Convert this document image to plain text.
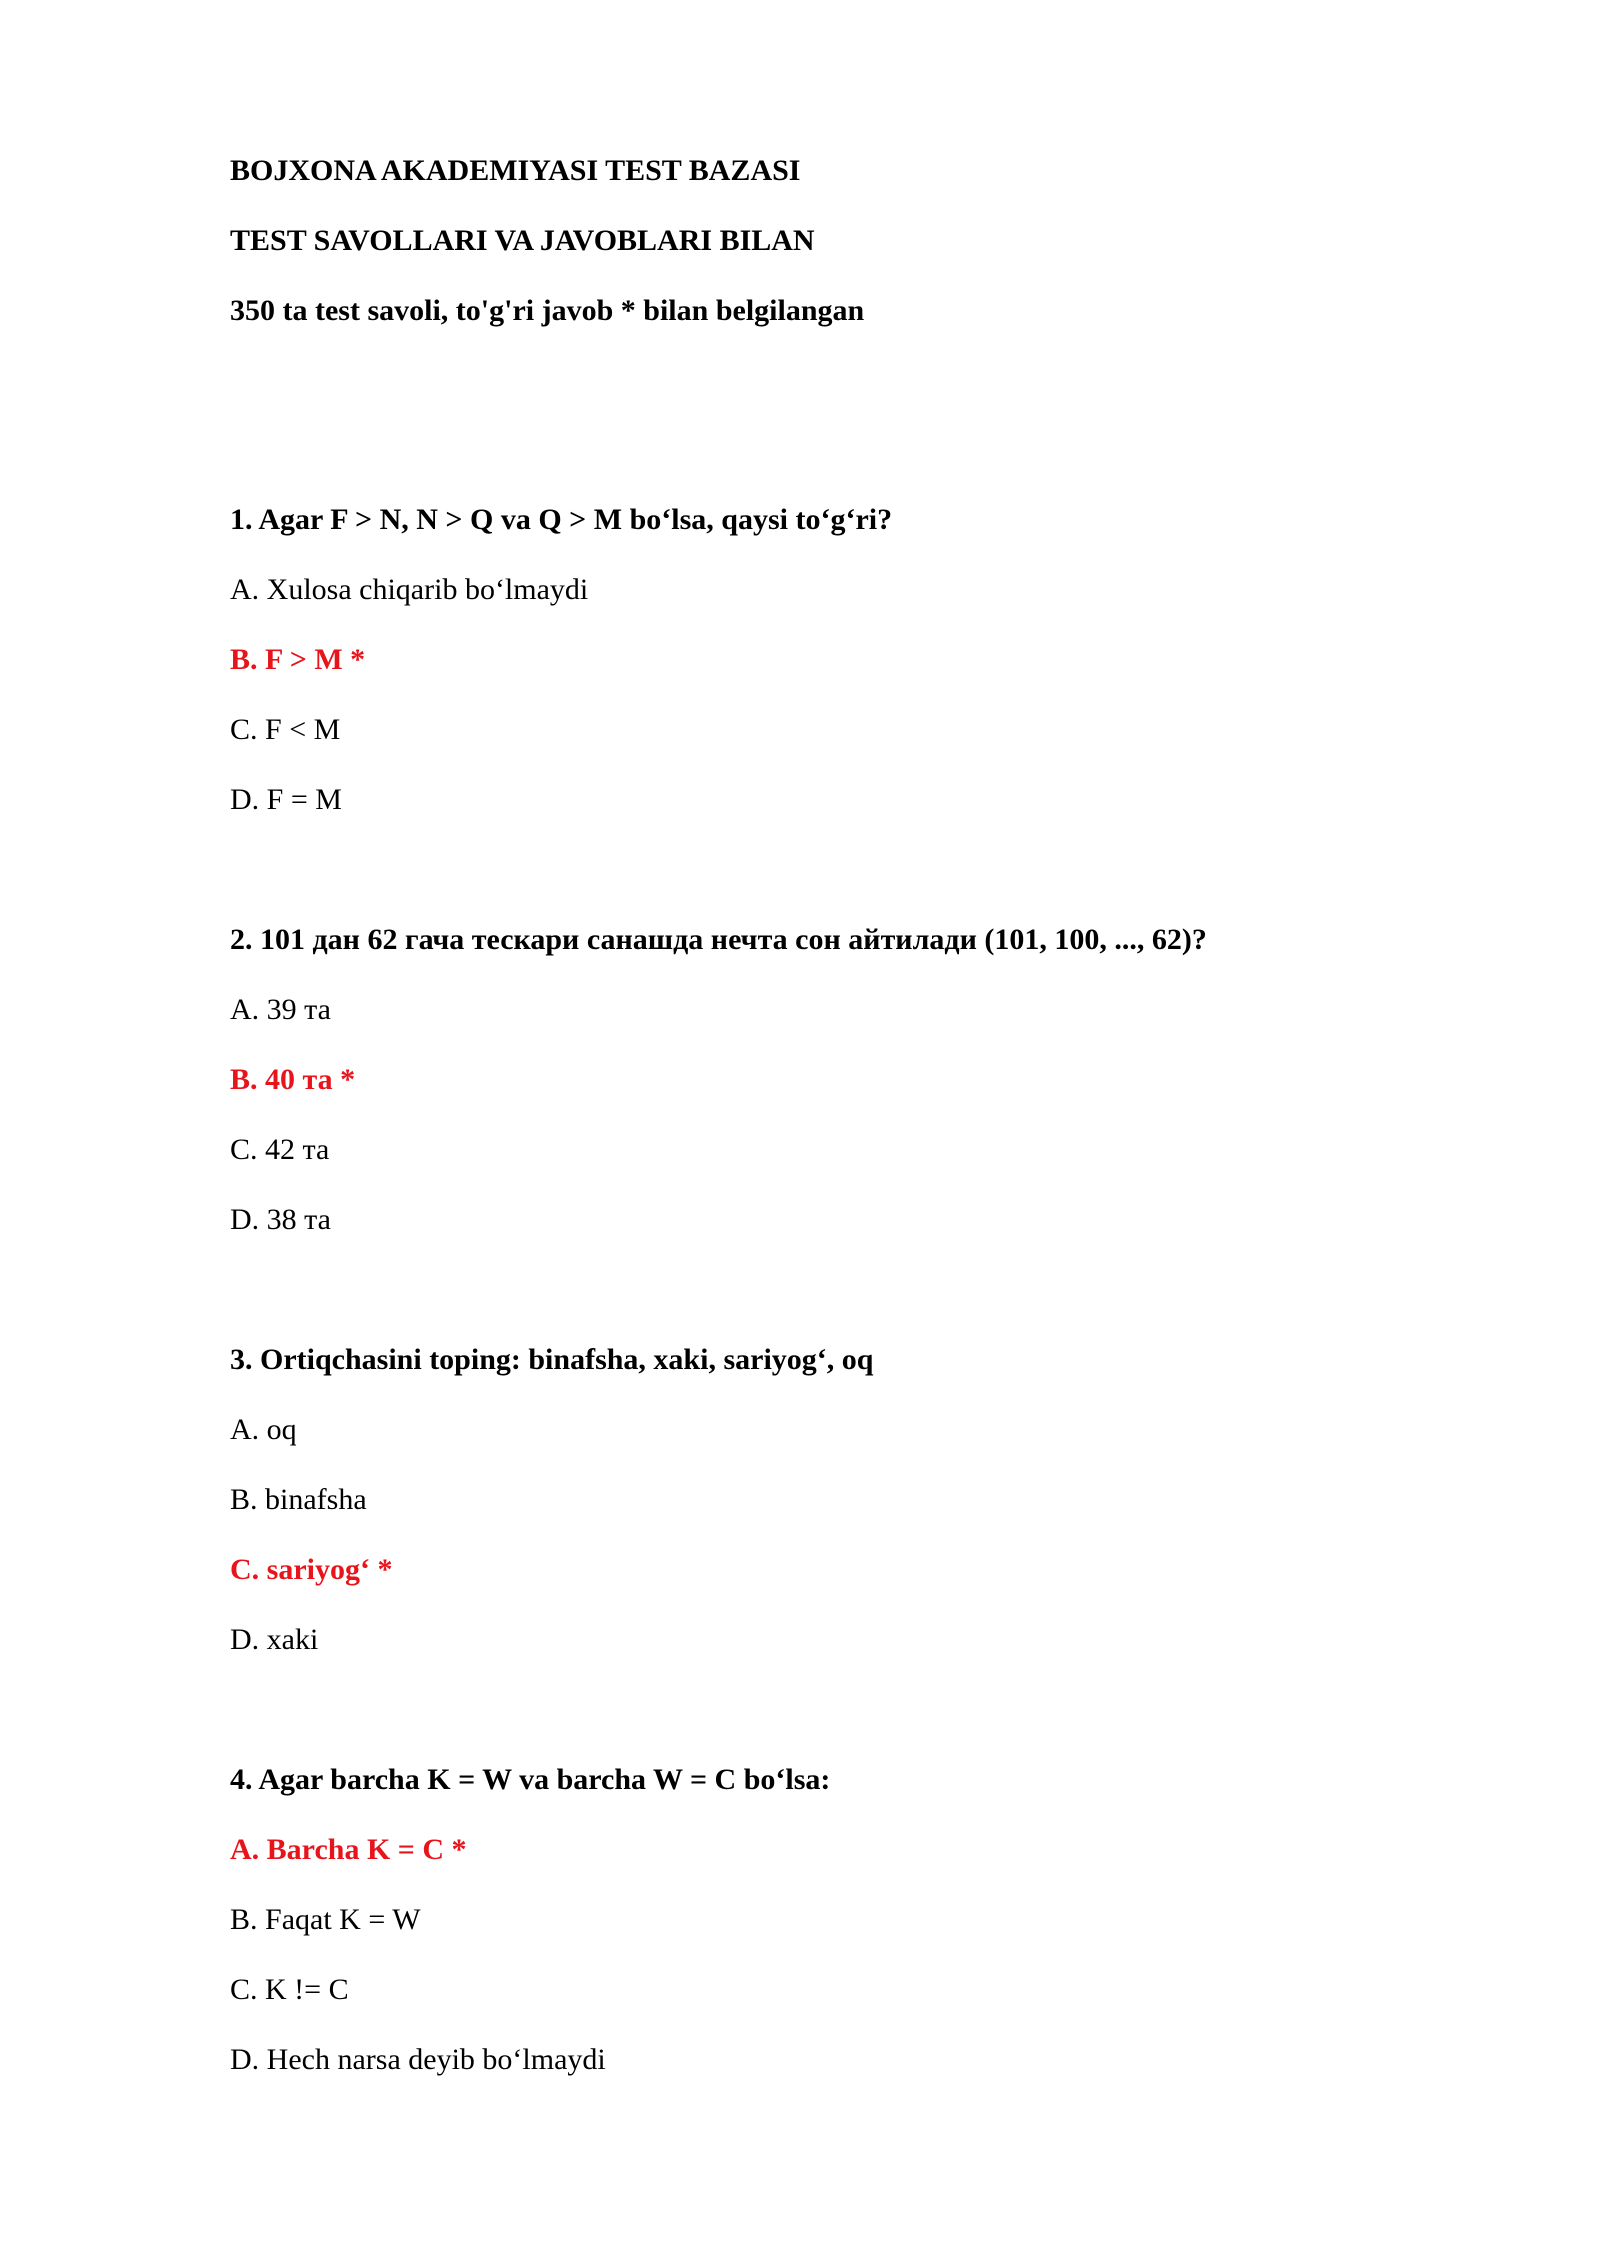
BOJXONA AKADEMIYASI TEST BAZASI
TEST SAVOLLARI VA JAVOBLARI BILAN
350 ta test savoli, to'g'ri javob * bilan belgilangan
1. Agar F > N, N > Q va Q > M bo‘lsa, qaysi to‘g‘ri?
A. Xulosa chiqarib bo‘lmaydi
B. F > M *
C. F < M
D. F = M
2. 101 дан 62 гача тескари санашда нечта сон айтилади (101, 100, ..., 62)?
A. 39 та
B. 40 та *
C. 42 та
D. 38 та
3. Ortiqchasini toping: binafsha, xaki, sariyog‘, oq
A. oq
B. binafsha
C. sariyog‘ *
D. xaki
4. Agar barcha K = W va barcha W = C bo‘lsa:
A. Barcha K = C *
B. Faqat K = W
C. K != C
D. Hech narsa deyib bo‘lmaydi
